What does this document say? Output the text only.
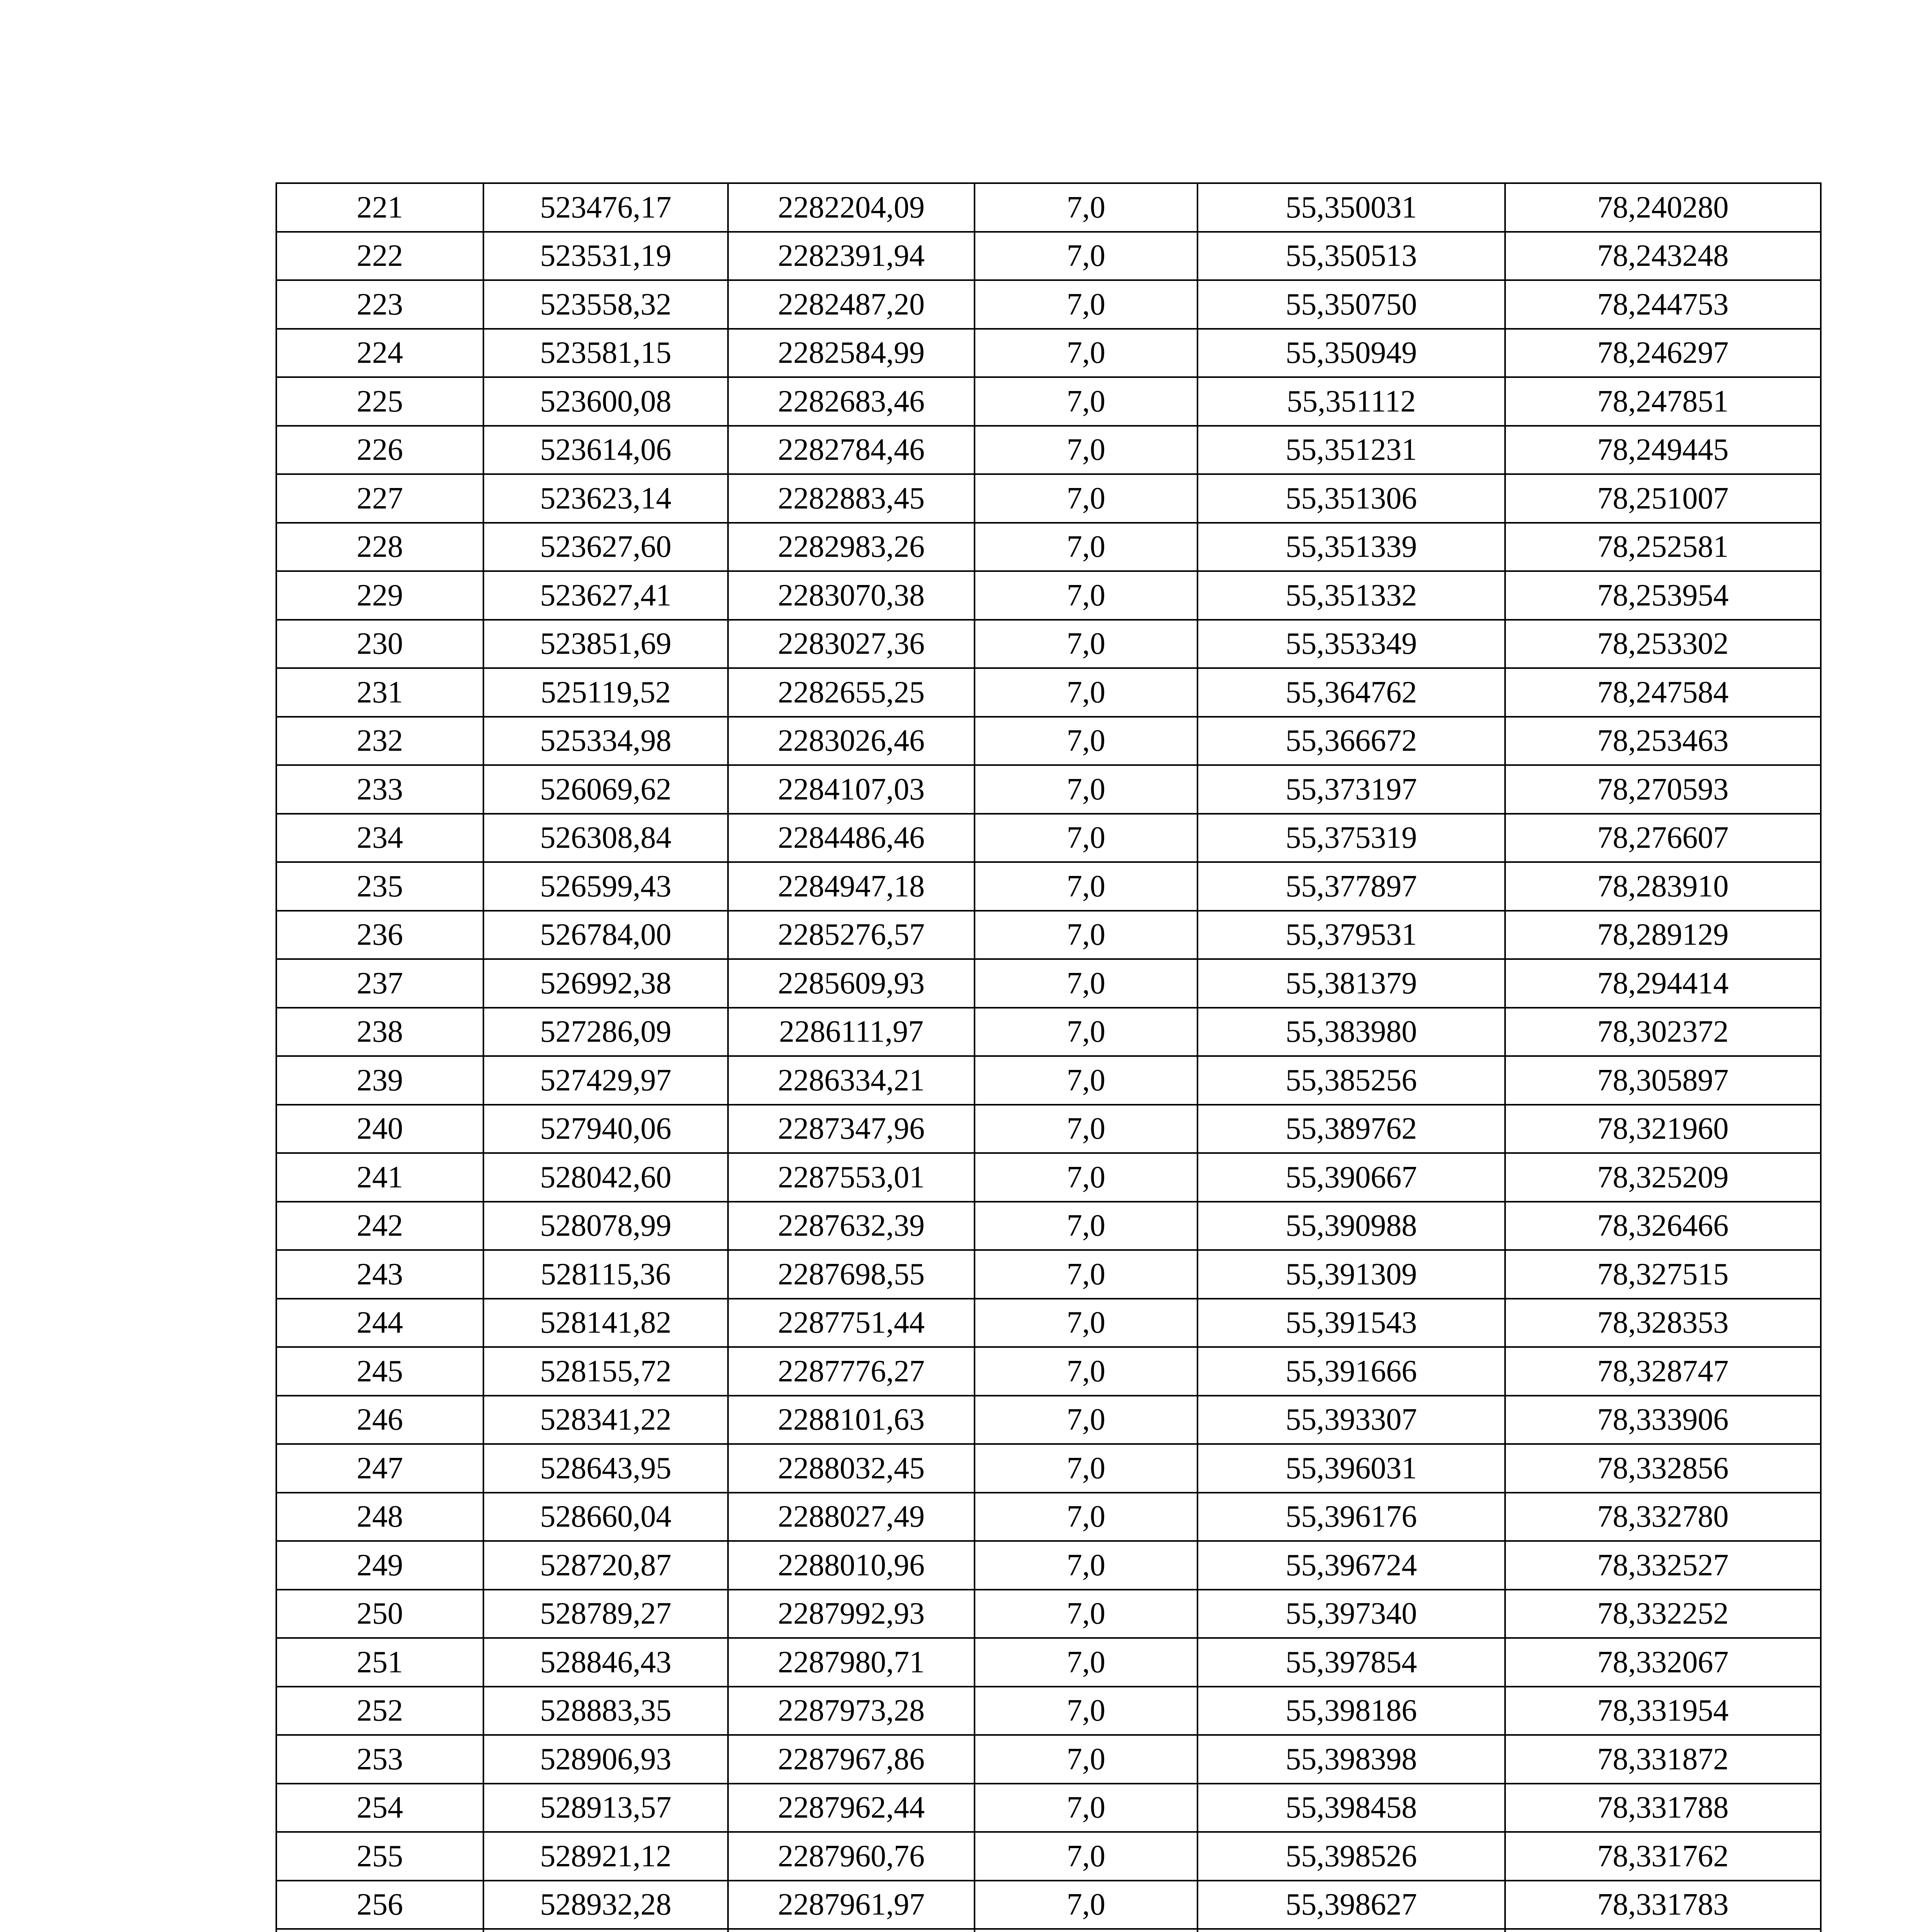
221	523476,17	2282204,09	7,0	55,350031	78,240280
222	523531,19	2282391,94	7,0	55,350513	78,243248
223	523558,32	2282487,20	7,0	55,350750	78,244753
224	523581,15	2282584,99	7,0	55,350949	78,246297
225	523600,08	2282683,46	7,0	55,351112	78,247851
226	523614,06	2282784,46	7,0	55,351231	78,249445
227	523623,14	2282883,45	7,0	55,351306	78,251007
228	523627,60	2282983,26	7,0	55,351339	78,252581
229	523627,41	2283070,38	7,0	55,351332	78,253954
230	523851,69	2283027,36	7,0	55,353349	78,253302
231	525119,52	2282655,25	7,0	55,364762	78,247584
232	525334,98	2283026,46	7,0	55,366672	78,253463
233	526069,62	2284107,03	7,0	55,373197	78,270593
234	526308,84	2284486,46	7,0	55,375319	78,276607
235	526599,43	2284947,18	7,0	55,377897	78,283910
236	526784,00	2285276,57	7,0	55,379531	78,289129
237	526992,38	2285609,93	7,0	55,381379	78,294414
238	527286,09	2286111,97	7,0	55,383980	78,302372
239	527429,97	2286334,21	7,0	55,385256	78,305897
240	527940,06	2287347,96	7,0	55,389762	78,321960
241	528042,60	2287553,01	7,0	55,390667	78,325209
242	528078,99	2287632,39	7,0	55,390988	78,326466
243	528115,36	2287698,55	7,0	55,391309	78,327515
244	528141,82	2287751,44	7,0	55,391543	78,328353
245	528155,72	2287776,27	7,0	55,391666	78,328747
246	528341,22	2288101,63	7,0	55,393307	78,333906
247	528643,95	2288032,45	7,0	55,396031	78,332856
248	528660,04	2288027,49	7,0	55,396176	78,332780
249	528720,87	2288010,96	7,0	55,396724	78,332527
250	528789,27	2287992,93	7,0	55,397340	78,332252
251	528846,43	2287980,71	7,0	55,397854	78,332067
252	528883,35	2287973,28	7,0	55,398186	78,331954
253	528906,93	2287967,86	7,0	55,398398	78,331872
254	528913,57	2287962,44	7,0	55,398458	78,331788
255	528921,12	2287960,76	7,0	55,398526	78,331762
256	528932,28	2287961,97	7,0	55,398627	78,331783
